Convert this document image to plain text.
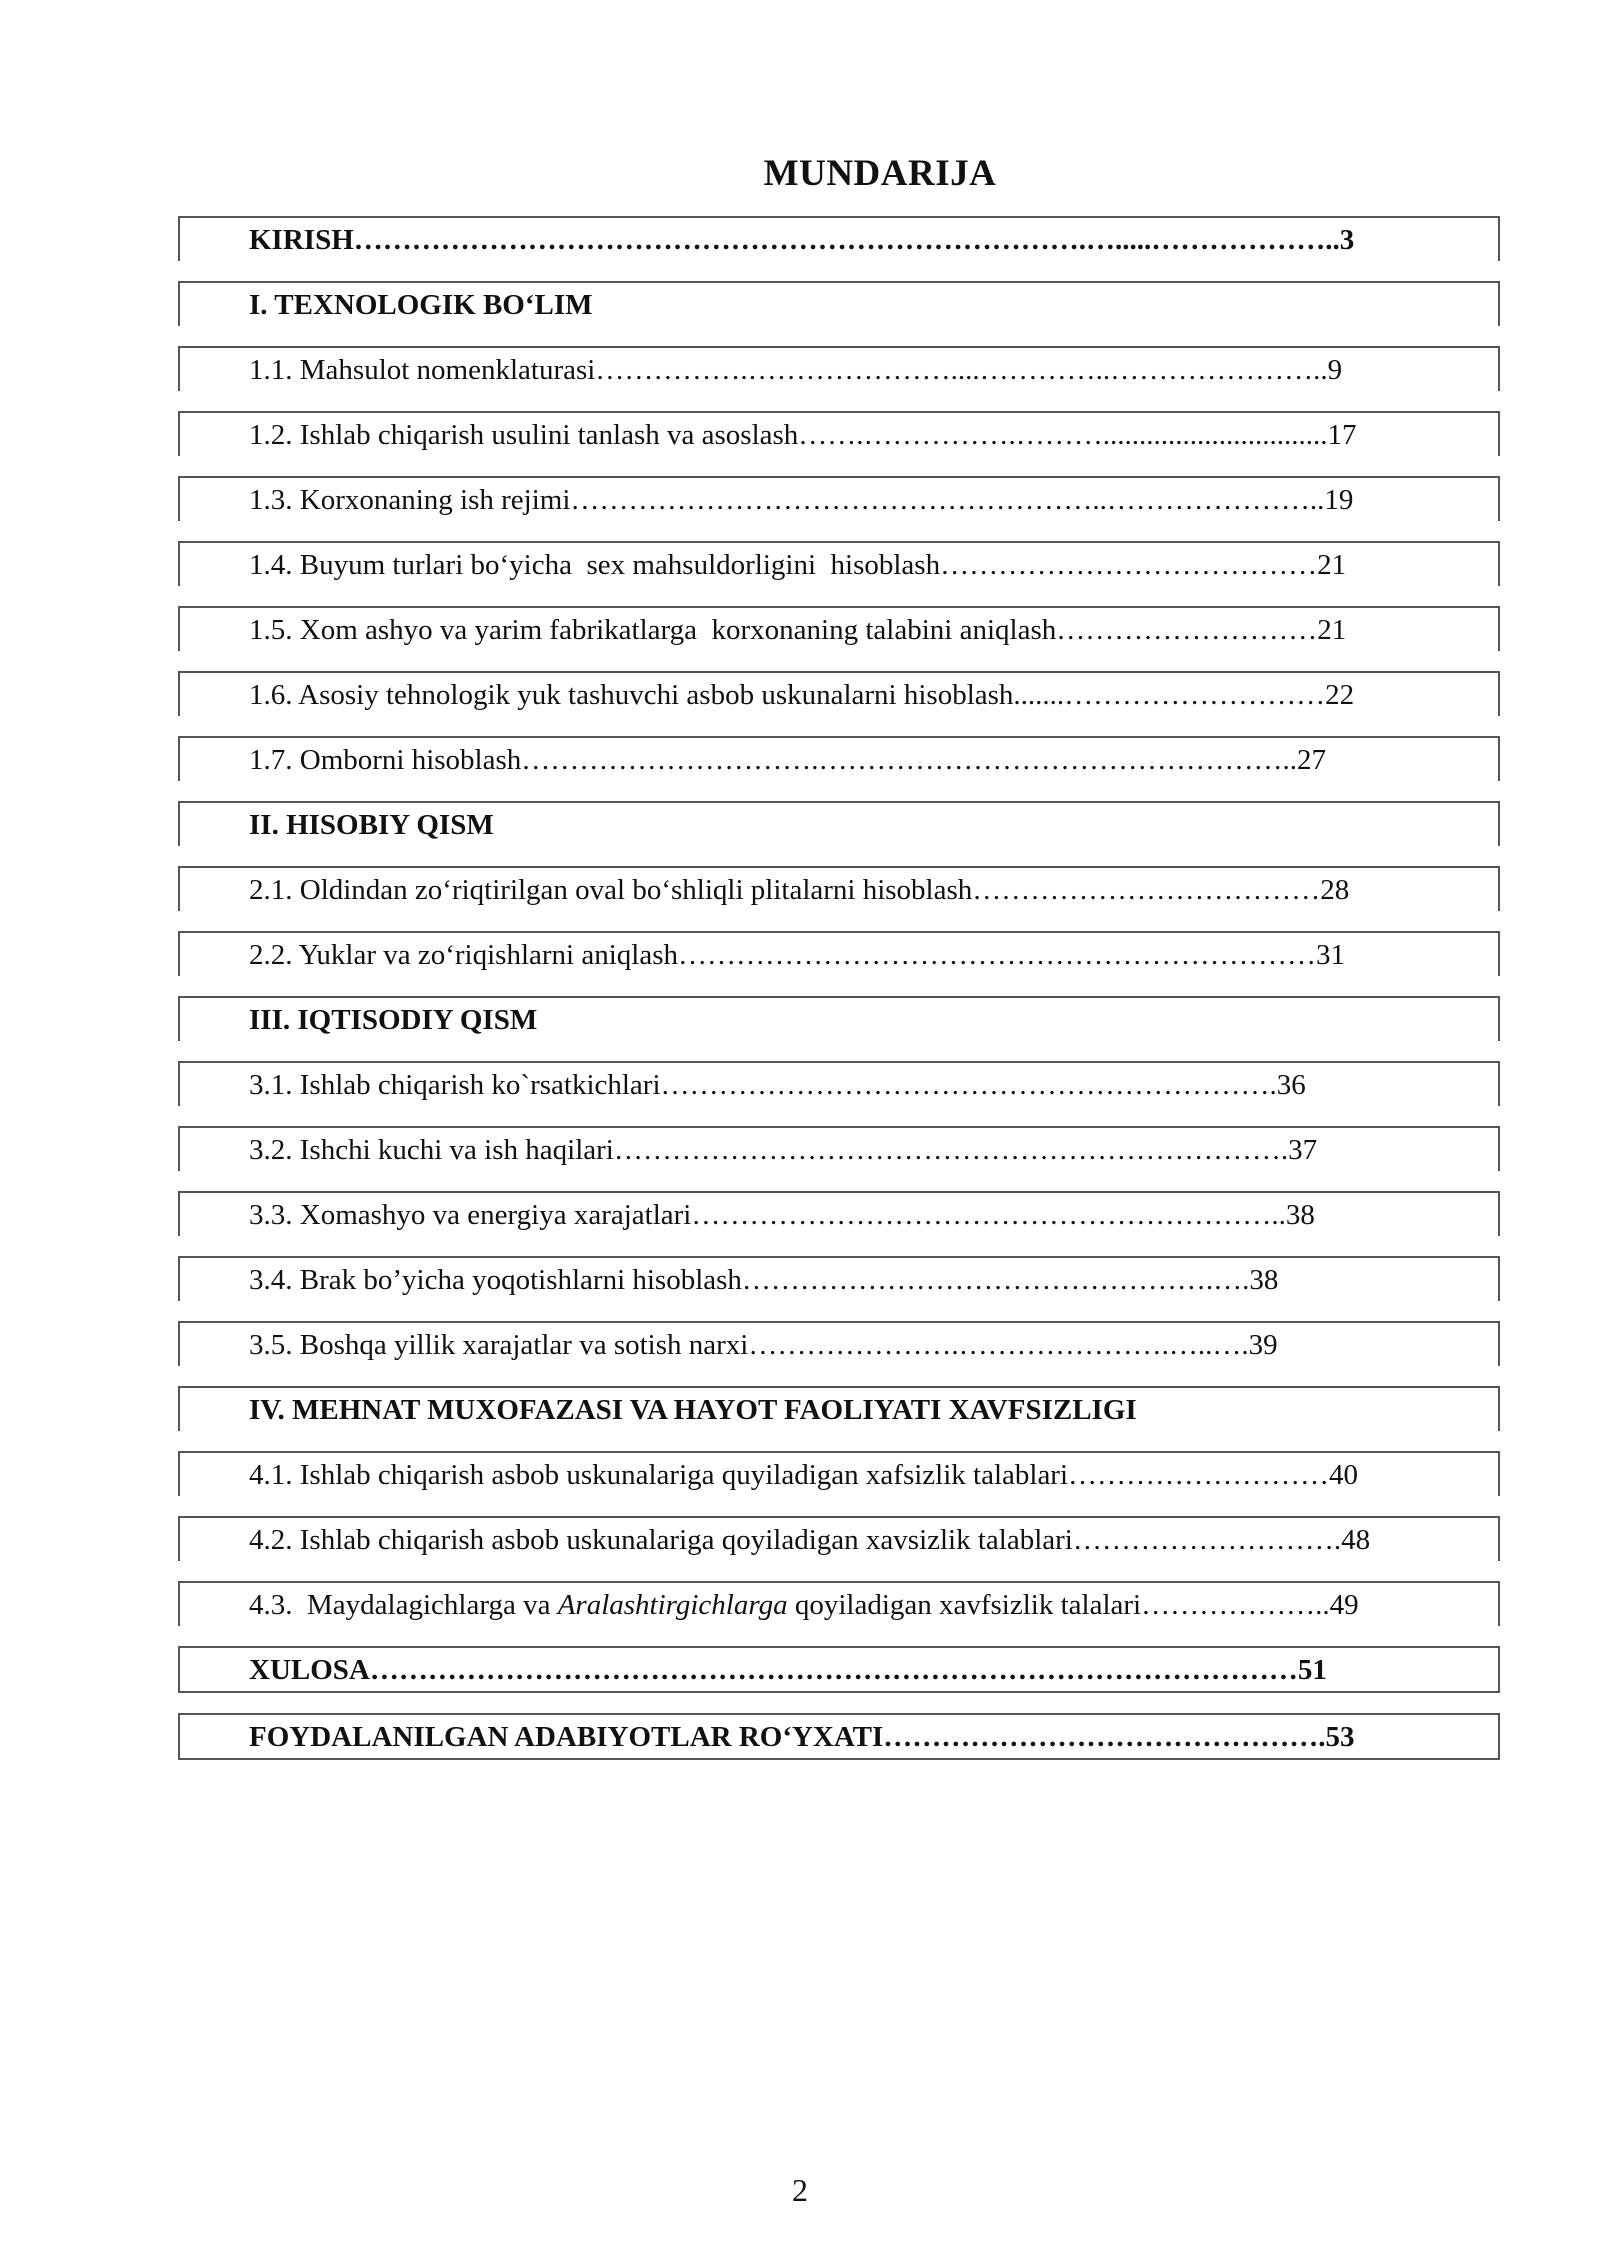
MUNDARIJA
KIRISH………………………………………………………………….….....………………..3
I. TEXNOLOGIK BO‘LIM
1.1. Mahsulot nomenklaturasi…………….…………………....…………..…………………..9
1.2. Ishlab chiqarish usulini tanlash va asoslash…….…………….………...............................17
1.3. Korxonaning ish rejimi………………………………………………..…………………..19
1.4. Buyum turlari bo‘yicha  sex mahsuldorligini  hisoblash…………………………………21
1.5. Xom ashyo va yarim fabrikatlarga  korxonaning talabini aniqlash………………………21
1.6. Asosiy tehnologik yuk tashuvchi asbob uskunalarni hisoblash.......………………………22
1.7. Omborni hisoblash………………………….…………………………………………..27
II. HISOBIY QISM
2.1. Oldindan zo‘riqtirilgan oval bo‘shliqli plitalarni hisoblash………………………………28
2.2. Yuklar va zo‘riqishlarni aniqlash…………………………………………………………31
III. IQTISODIY QISM
3.1. Ishlab chiqarish ko`rsatkichlari……………………………………………………….36
3.2. Ishchi kuchi va ish haqilari…………………………………………………………….37
3.3. Xomashyo va energiya xarajatlari……………………………………………………..38
3.4. Brak bo’yicha yoqotishlarni hisoblash………………………………………….….38
3.5. Boshqa yillik xarajatlar va sotish narxi………………….………………….…..….39
IV. MEHNAT MUXOFAZASI VA HAYOT FAOLIYATI XAVFSIZLIGI
4.1. Ishlab chiqarish asbob uskunalariga quyiladigan xafsizlik talablari………………………40
4.2. Ishlab chiqarish asbob uskunalariga qoyiladigan xavsizlik talablari……………………….48
4.3.  Maydalagichlarga va Aralashtirgichlarga qoyiladigan xavfsizlik talalari………………..49
XULOSA……………………………………………………………………………………51
FOYDALANILGAN ADABIYOTLAR RO‘YXATI……………………………………….53
2
